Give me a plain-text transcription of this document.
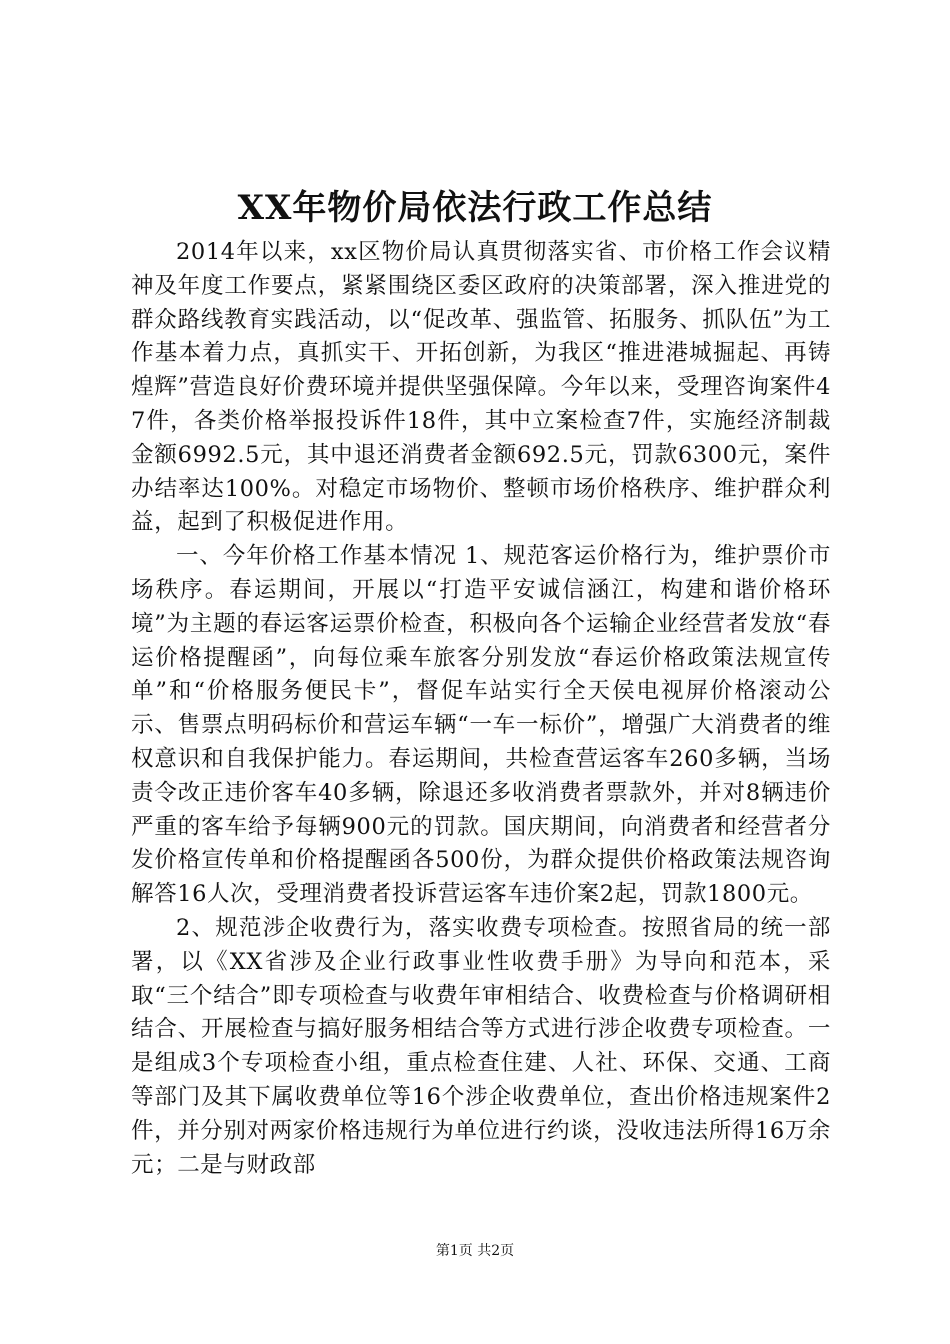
XX年物价局依法行政工作总结

2014年以来，xx区物价局认真贯彻落实省、市价格工作会议精神及年度工作要点，紧紧围绕区委区政府的决策部署，深入推进党的群众路线教育实践活动，以“促改革、强监管、拓服务、抓队伍”为工作基本着力点，真抓实干、开拓创新，为我区“推进港城掘起、再铸煌辉”营造良好价费环境并提供坚强保障。今年以来，受理咨询案件47件，各类价格举报投诉件18件，其中立案检查7件，实施经济制裁金额6992.5元，其中退还消费者金额692.5元，罚款6300元，案件办结率达100%。对稳定市场物价、整顿市场价格秩序、维护群众利益，起到了积极促进作用。

一、今年价格工作基本情况 1、规范客运价格行为，维护票价市场秩序。春运期间，开展以“打造平安诚信涵江，构建和谐价格环境”为主题的春运客运票价检查，积极向各个运输企业经营者发放“春运价格提醒函”，向每位乘车旅客分别发放“春运价格政策法规宣传单”和“价格服务便民卡”，督促车站实行全天侯电视屏价格滚动公示、售票点明码标价和营运车辆“一车一标价”，增强广大消费者的维权意识和自我保护能力。春运期间，共检查营运客车260多辆，当场责令改正违价客车40多辆，除退还多收消费者票款外，并对8辆违价严重的客车给予每辆900元的罚款。国庆期间，向消费者和经营者分发价格宣传单和价格提醒函各500份，为群众提供价格政策法规咨询解答16人次，受理消费者投诉营运客车违价案2起，罚款1800元。

2、规范涉企收费行为，落实收费专项检查。按照省局的统一部署，以《XX省涉及企业行政事业性收费手册》为导向和范本，采取“三个结合”即专项检查与收费年审相结合、收费检查与价格调研相结合、开展检查与搞好服务相结合等方式进行涉企收费专项检查。一是组成3个专项检查小组，重点检查住建、人社、环保、交通、工商等部门及其下属收费单位等16个涉企收费单位，查出价格违规案件2件，并分别对两家价格违规行为单位进行约谈，没收违法所得16万余元；二是与财政部

第1页 共2页
